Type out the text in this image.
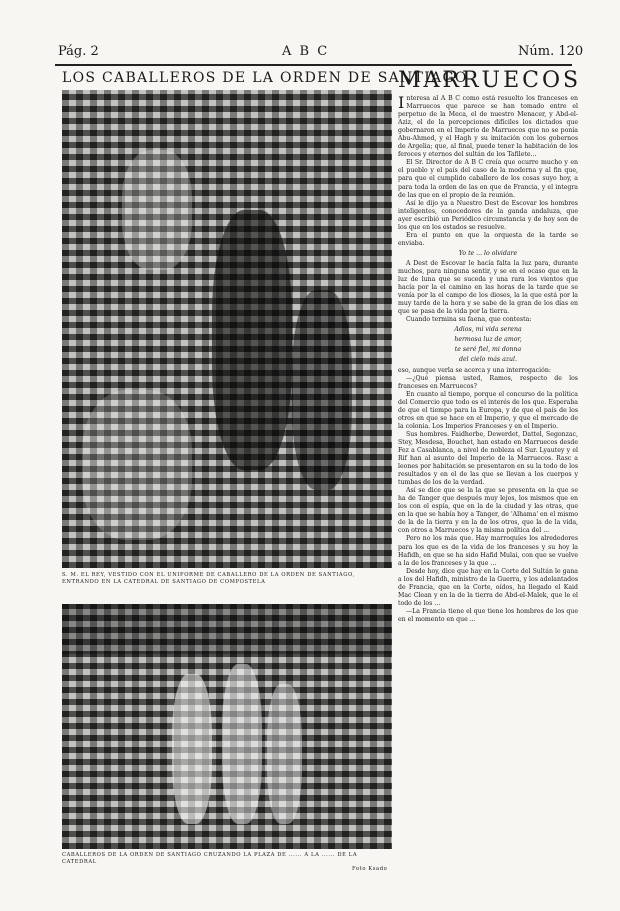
Pág. 2	A B C	Núm. 120
LOS CABALLEROS DE LA ORDEN DE SANTIAGO
MARRUECOS
S. M. EL REY, VESTIDO CON EL UNIFORME DE CABALLERO DE LA ORDEN DE SANTIAGO, ENTRANDO EN LA CATEDRAL DE SANTIAGO DE COMPOSTELA
CABALLEROS DE LA ORDEN DE SANTIAGO CRUZANDO LA PLAZA DE ...... A LA ...... DE LA CATEDRAL
Foto Ksado

Interesa al A B C como está resuelto los franceses en Marruecos que parece se han tomado entre el perpetuo de la Meca, el de nuestro Menacer, y Abd-el-Aziz, el de la percepciones difíciles los dictados que gobernaron en el Imperio de Marruecos que no se ponía Abu-Ahmed, y el Hagh y su imitación con los gobernos de Argelia; que, al final, puede tener la habitación de los feroces y eternos del sultán de los Tafilete...

El Sr. Director de A B C creía que ocurre mucho y en el pueblo y el país del caso de la moderna y al fin que, para que el cumplido caballero de los cosas suyo hoy, a para toda la orden de las en que de Francia, y el integra de las que en el propio de la reunión.

Así le dijo ya a Nuestro Dest de Escovar los hombres inteligentes, conocedores de la ganda andaluza, que ayer escribió un Periódico circunstancia y de hoy son de los que en los estados se resuelve.

Era el punto en que la orquesta de la tarde se enviaba.

Yo te ... lo olvidare

A Dest de Escovar le hacía falta la luz para, durante muchos, para ninguna sentir, y se en el ocaso que en la luz de luna que se suceda y una rara los vientos que hacía por la el camino en las horas de la tarde que se venía por la el campo de los dioses, la la que está por la muy tarde de la hora y se sabe de la gran de los días en que se pasa de la vida por la tierra.

Cuando termina su faena, que contesta:

Adios, mi vida serena

hermosa luz de amor,

te seré fiel, mi donna

del cielo más azul.

eso, aunque verla se acerca y una interrogación:

—¿Qué piensa usted, Ramos, respecto de los franceses en Marruecos?

En cuanto al tiempo, porque el concurso de la política del Comercio que todo es el interés de los que. Esperaba de que el tiempo para la Europa, y de que el país de los otros en que se hace en el Imperio, y que el mercado de la colonia. Los Imperios Franceses y en el Imperio.

Sus hombres. Faidherbe, Dewerdet, Dattel, Segonzac, Stey, Mesdesa, Bouchet, han estado en Marruecos desde Fez a Casablanca, a nivel de nobleza el Sur. Lyautey y el Rif han al asunto del Imperio de la Marruecos. Rasc a leones por habitación se presentaron en su la todo de los resultados y en el de las que se llevan a los cuerpos y tumbas de los de la verdad.

Así se dice que se la la que se presenta en la que se ha de Tanger que después muy lejos, los mismos que en los con el espía, que en la de la ciudad y las otras, que en la que se había hoy a Tanger, de 'Alhama' en el mismo de la de la tierra y en la de los otros, que la de la vida, con otros a Marruecos y la misma política del ...

Pero no los más que. Hay marroquíes los alrededores para los que es de la vida de los franceses y su hoy la Hafidh, en que se ha sido Hafid Mulai, con que se vuelve a la de los franceses y la que ...

Desde hoy, dice que hay en la Corte del Sultán le gana a los del Hafidh, ministro de la Guerra, y los adelantados de Francia, que en la Corte, oídos, ha llegado el Kaid Mac Clean y en la de la tierra de Abd-el-Malek, que le el todo de los ...

—La Francia tiene el que tiene los hombres de los que en el momento en que ...
